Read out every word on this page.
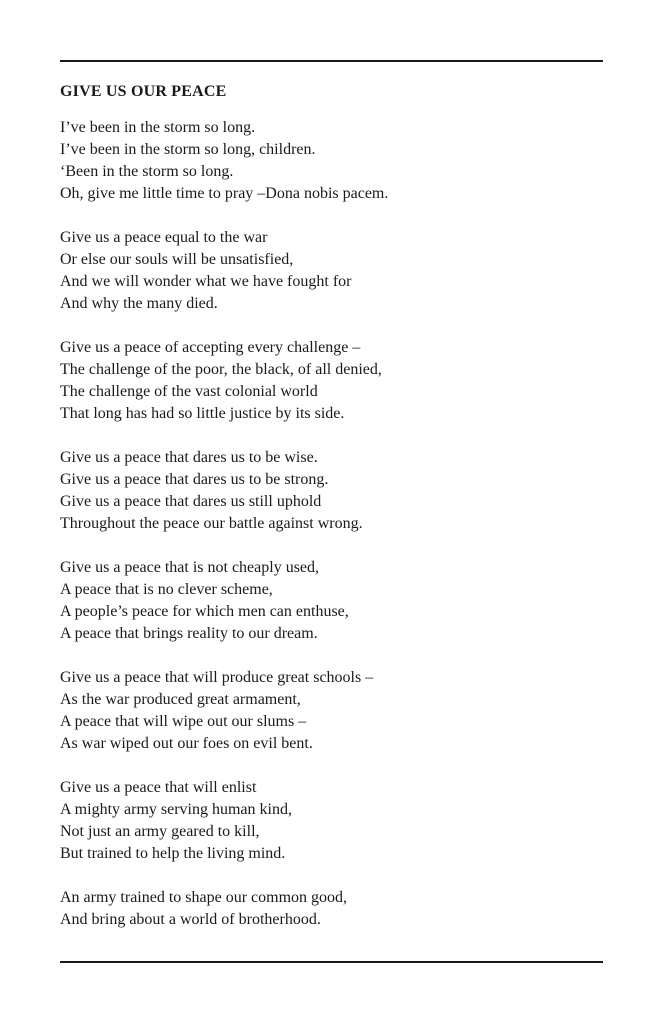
GIVE US OUR PEACE
I’ve been in the storm so long.
I’ve been in the storm so long, children.
‘Been in the storm so long.
Oh, give me little time to pray –Dona nobis pacem.
Give us a peace equal to the war
Or else our souls will be unsatisfied,
And we will wonder what we have fought for
And why the many died.
Give us a peace of accepting every challenge –
The challenge of the poor, the black, of all denied,
The challenge of the vast colonial world
That long has had so little justice by its side.
Give us a peace that dares us to be wise.
Give us a peace that dares us to be strong.
Give us a peace that dares us still uphold
Throughout the peace our battle against wrong.
Give us a peace that is not cheaply used,
A peace that is no clever scheme,
A people’s peace for which men can enthuse,
A peace that brings reality to our dream.
Give us a peace that will produce great schools –
As the war produced great armament,
A peace that will wipe out our slums –
As war wiped out our foes on evil bent.
Give us a peace that will enlist
A mighty army serving human kind,
Not just an army geared to kill,
But trained to help the living mind.
An army trained to shape our common good,
And bring about a world of brotherhood.
